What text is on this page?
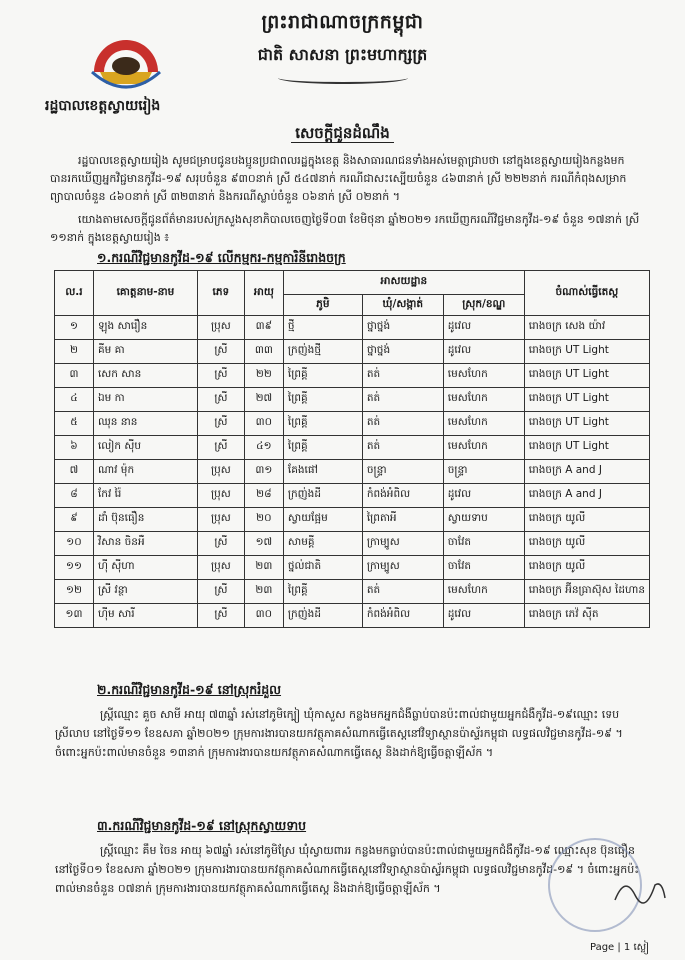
ព្រះរាជាណាចក្រកម្ពុជា
ជាតិ សាសនា ព្រះមហាក្សត្រ
រដ្ឋបាលខេត្តស្វាយរៀង
សេចក្តីជូនដំណឹង

រដ្ឋបាលខេត្តស្វាយរៀង សូមជម្រាបជូនបងប្អូនប្រជាពលរដ្ឋក្នុងខេត្ត និងសាធារណជនទាំងអស់មេត្តាជ្រាបថា នៅក្នុងខេត្តស្វាយរៀងកន្លងមកបានរកឃើញអ្នកវិជ្ជមានកូវីដ-១៩ សរុបចំនួន ៩៣០នាក់ ស្រី ៥៤៧នាក់ ករណីជាសះស្បើយចំនួន ៤៦៣នាក់ ស្រី ២២២នាក់ ករណីកំពុងសម្រាកព្យាបាលចំនួន ៤៦០នាក់ ស្រី ៣២៣នាក់ និងករណីស្លាប់ចំនួន ០៦នាក់ ស្រី ០២នាក់ ។

យោងតាមសេចក្តីជូនព័ត៌មានរបស់ក្រសួងសុខាភិបាលចេញថ្ងៃទី០៣ ខែមិថុនា ឆ្នាំ២០២១ រកឃើញករណីវិជ្ជមានកូវីដ-១៩ ចំនួន ១៧នាក់ ស្រី ១១នាក់ ក្នុងខេត្តស្វាយរៀង ៖

១.ករណីវិជ្ជមានកូវីដ-១៩ លើកម្មករ-កម្មការិនីរោងចក្រ
ល.រ	គោត្តនាម-នាម	ភេទ	អាយុ	អាសយដ្ឋាន			ចំណាស់ធ្វើតេស្ត
				ភូមិ	ឃុំ/សង្កាត់	ស្រុក/ខណ្ឌ	
១	ឡុង សារឿន	ប្រុស	៣៩	ថ្មី	ថ្នាថ្នង់	ដូវេល	រោងចក្រ សេង យ៉ាវ
២	គីម គា	ស្រី	៣៣	ក្រញ់ងថ្មី	ថ្នាថ្នង់	ដូវេល	រោងចក្រ UT Light
៣	សេក សាន	ស្រី	២២	ព្រៃគ្គី	តត់	មេសហែក	រោងចក្រ UT Light
៤	ឯម កា	ស្រី	២៧	ព្រៃគ្គី	តត់	មេសហែក	រោងចក្រ UT Light
៥	ឈុន នាន	ស្រី	៣០	ព្រៃគ្គី	តត់	មេសហែក	រោងចក្រ UT Light
៦	លៀក ស៊ីប	ស្រី	៤១	ព្រៃគ្គី	តត់	មេសហែក	រោងចក្រ UT Light
៧	ណាវ ម៉ុក	ប្រុស	៣១	គែងផៅ	ចន្ទ្រា	ចន្ទ្រា	រោងចក្រ A and J
៨	កែវ រ៉ៃ	ប្រុស	២៨	ក្រញ់ងដី	កំពង់អំពិល	ដូវេល	រោងចក្រ A and J
៩	ដាំ ប៊ុនធឿន	ប្រុស	២០	ស្វាយផ្អែម	ព្រៃតាអី	ស្វាយទាប	រោងចក្រ យូលី
១០	វិសាន ចិនអឺ	ស្រី	១៧	សាមគ្គី	ក្រាម្បូស	ចាវែត	រោងចក្រ យូលី
១១	ហ៊ី ស៊ីហា	ប្រុស	២៣	ថ្នល់ជាតិ	ក្រាម្បូស	ចាវែត	រោងចក្រ យូលី
១២	ស្រី វន្ថា	ស្រី	២៣	ព្រៃគ្គី	តត់	មេសហែក	រោងចក្រ អ៊ីនធ្រាស៊ុស ដៃហាន
១៣	ហ៊ីម សារី	ស្រី	៣០	ក្រញ់ងដី	កំពង់អំពិល	ដូវេល	រោងចក្រ ភេវ៉ ស៊ីត
២.ករណីវិជ្ជមានកូវីដ-១៩ នៅស្រុករំដួល

ស្ត្រីឈ្មោះ គួច សាមី អាយុ ៧៣ឆ្នាំ រស់នៅភូមិក្បៀ ឃុំកាសួស កន្លងមកអ្នកជំងឺធ្លាប់បានប៉ះពាល់ជាមួយអ្នកជំងឺកូវីដ-១៩ឈ្មោះ ទេប ស្រីលាប នៅថ្ងៃទី១១ ខែឧសភា ឆ្នាំ២០២១ ក្រុមការងារបានយកវត្ថុភាគសំណាកធ្វើតេស្តនៅវិទ្យាស្ថានប៉ាស្ទ័រកម្ពុជា លទ្ធផលវិជ្ជមានកូវីដ-១៩ ។ ចំពោះអ្នកប៉ះពាល់មានចំនួន ១៣នាក់ ក្រុមការងារបានយកវត្ថុភាគសំណាកធ្វើតេស្ត និងដាក់ឱ្យធ្វើចត្តាឡីស័ក ។

៣.ករណីវិជ្ជមានកូវីដ-១៩ នៅស្រុកស្វាយទាប

ស្ត្រីឈ្មោះ គឹម ចៃន អាយុ ៦៧ឆ្នាំ រស់នៅភូមិស្រែ ឃុំស្វាយពាររ កន្លងមកធ្លាប់បានប៉ះពាល់ជាមួយអ្នកជំងឺកូវីដ-១៩ ឈ្មោះសុខ ប៊ុនធឿន នៅថ្ងៃទី០១ ខែឧសភា ឆ្នាំ២០២១ ក្រុមការងារបានយកវត្ថុភាគសំណាកធ្វើតេស្តនៅវិទ្យាស្ថានប៉ាស្ទ័រកម្ពុជា លទ្ធផលវិជ្ជមានកូវីដ-១៩ ។ ចំពោះអ្នកប៉ះពាល់មានចំនួន ០៧នាក់ ក្រុមការងារបានយកវត្ថុភាគសំណាកធ្វើតេស្ត និងដាក់ឱ្យធ្វើចត្តាឡីស័ក ។

Page | 1 ស្លៀ
